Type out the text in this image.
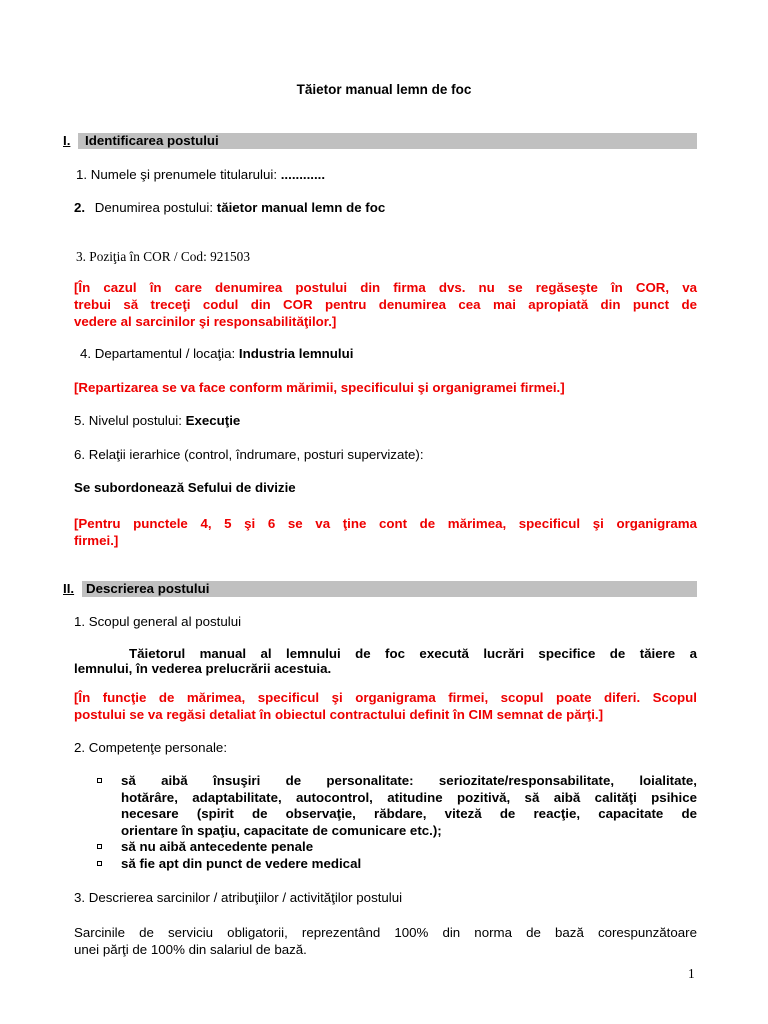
Tăietor manual lemn de foc
I. Identificarea postului
1. Numele şi prenumele titularului: ............
2. Denumirea postului: tăietor manual lemn de foc
3. Poziţia în COR / Cod: 921503
[În cazul în care denumirea postului din firma dvs. nu se regăseşte în COR, va
trebui să treceţi codul din COR pentru denumirea cea mai apropiată din punct de
vedere al sarcinilor şi responsabilităţilor.]
4. Departamentul / locaţia: Industria lemnului
[Repartizarea se va face conform mărimii, specificului şi organigramei firmei.]
5. Nivelul postului: Execuţie
6. Relaţii ierarhice (control, îndrumare, posturi supervizate):
Se subordonează Sefului de divizie
[Pentru punctele 4, 5 şi 6 se va ţine cont de mărimea, specificul şi organigrama
firmei.]
II. Descrierea postului
1. Scopul general al postului
Tăietorul manual al lemnului de foc execută lucrări specifice de tăiere a
lemnului, în vederea prelucrării acestuia.
[În funcţie de mărimea, specificul şi organigrama firmei, scopul poate diferi. Scopul
postului se va regăsi detaliat în obiectul contractului definit în CIM semnat de părţi.]
2. Competenţe personale:
să aibă însuşiri de personalitate: seriozitate/responsabilitate, loialitate,
hotărâre, adaptabilitate, autocontrol, atitudine pozitivă, să aibă calităţi psihice
necesare (spirit de observaţie, răbdare, viteză de reacţie, capacitate de
orientare în spaţiu, capacitate de comunicare etc.);
să nu aibă antecedente penale
să fie apt din punct de vedere medical
3. Descrierea sarcinilor / atribuţiilor / activităţilor postului
Sarcinile de serviciu obligatorii, reprezentând 100% din norma de bază corespunzătoare
unei părţi de 100% din salariul de bază.
1
